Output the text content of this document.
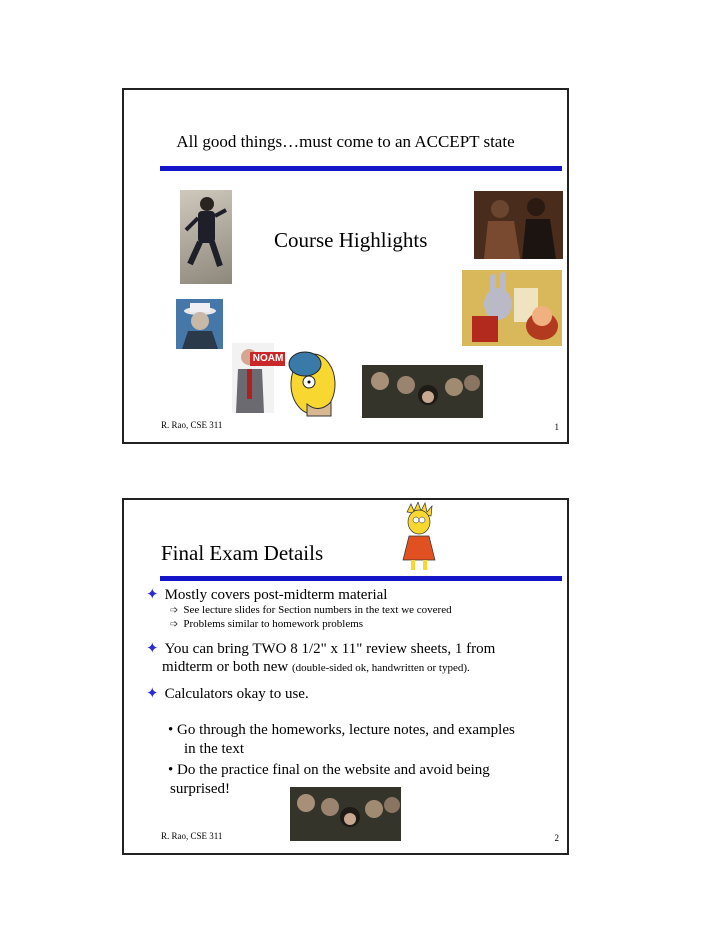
All good things…must come to an ACCEPT state
Course Highlights
NOAM
R. Rao, CSE 311	1
Final Exam Details
✦ Mostly covers post-midterm material
➩ See lecture slides for Section numbers in the text we covered
➩ Problems similar to homework problems
✦ You can bring TWO 8 1/2" x 11" review sheets, 1 from
midterm or both new (double-sided ok, handwritten or typed).
✦ Calculators okay to use.
• Go through the homeworks, lecture notes, and examples
in the text
• Do the practice final on the website and avoid being
surprised!
R. Rao, CSE 311	2
